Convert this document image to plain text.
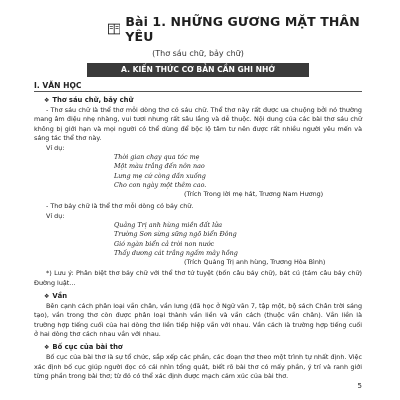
Bài 1. NHỮNG GƯƠNG MẶT THÂN YÊU
(Thơ sáu chữ, bảy chữ)
A. KIẾN THỨC CƠ BẢN CẦN GHI NHỚ
I. VĂN HỌC
❖ Thơ sáu chữ, bảy chữ

- Thơ sáu chữ là thể thơ mỗi dòng thơ có sáu chữ. Thể thơ này rất được ưa chuộng bởi nó thường mang âm điệu nhẹ nhàng, vui tươi nhưng rất sâu lắng và dễ thuộc. Nội dung của các bài thơ sáu chữ không bị giới hạn và mọi người có thể dùng để bộc lộ tâm tư nên được rất nhiều người yêu mến và sáng tác thể thơ này.

Ví dụ:
Thời gian chạy qua tóc mẹ
Một màu trắng đến nôn nao
Lưng mẹ cứ còng dần xuống
Cho con ngày một thêm cao.
(Trích Trong lời mẹ hát, Trương Nam Hương)

- Thơ bảy chữ là thể thơ mỗi dòng có bảy chữ.

Ví dụ:
Quảng Trị anh hùng miền đất lửa
Trường Sơn sừng sững ngõ biển Đông
Gió ngàn biển cả trời non nước
Thấy dương cát trắng ngấm mây hồng
(Trích Quảng Trị anh hùng, Trương Hòa Bình)

*) Lưu ý: Phân biệt thơ bảy chữ với thể thơ tứ tuyệt (bốn câu bảy chữ), bát cú (tám câu bảy chữ) Đường luật...

❖ Vần

Bên cạnh cách phân loại vần chân, vần lưng (đã học ở Ngữ văn 7, tập một, bộ sách Chân trời sáng tạo), vần trong thơ còn được phân loại thành vần liền và vần cách (thuộc vần chân). Vần liền là trường hợp tiếng cuối của hai dòng thơ liền tiếp hiệp vần với nhau. Vần cách là trường hợp tiếng cuối ở hai dòng thơ cách nhau vần với nhau.

❖ Bố cục của bài thơ

Bố cục của bài thơ là sự tổ chức, sắp xếp các phần, các đoạn thơ theo một trình tự nhất định. Việc xác định bố cục giúp người đọc có cái nhìn tổng quát, biết rõ bài thơ có mấy phần, ý trí và ranh giới từng phần trong bài thơ; từ đó có thể xác định được mạch cảm xúc của bài thơ.

5
